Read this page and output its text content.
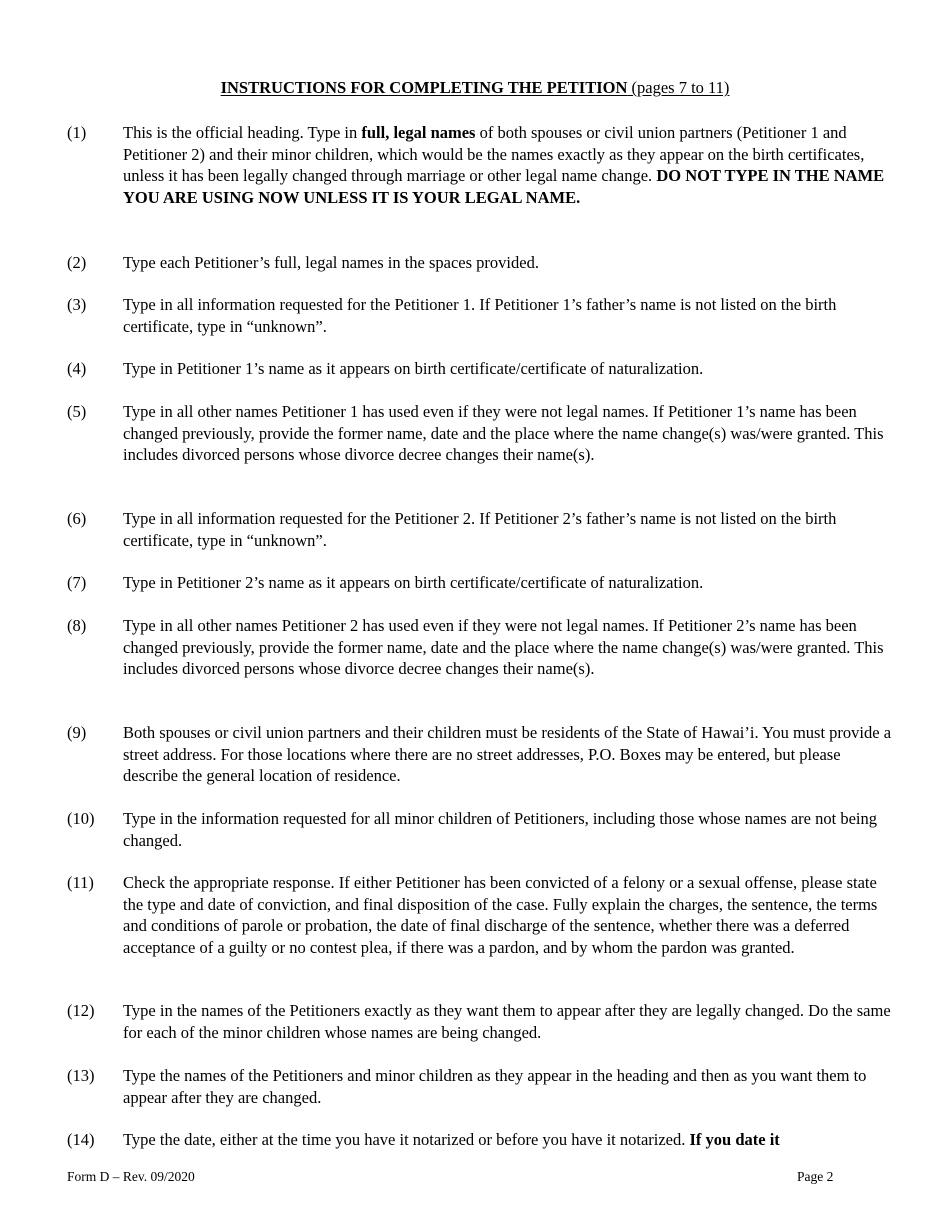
INSTRUCTIONS FOR COMPLETING THE PETITION (pages 7 to 11)
(1) This is the official heading. Type in full, legal names of both spouses or civil union partners (Petitioner 1 and Petitioner 2) and their minor children, which would be the names exactly as they appear on the birth certificates, unless it has been legally changed through marriage or other legal name change. DO NOT TYPE IN THE NAME YOU ARE USING NOW UNLESS IT IS YOUR LEGAL NAME.
(2) Type each Petitioner’s full, legal names in the spaces provided.
(3) Type in all information requested for the Petitioner 1. If Petitioner 1’s father’s name is not listed on the birth certificate, type in “unknown”.
(4) Type in Petitioner 1’s name as it appears on birth certificate/certificate of naturalization.
(5) Type in all other names Petitioner 1 has used even if they were not legal names. If Petitioner 1’s name has been changed previously, provide the former name, date and the place where the name change(s) was/were granted. This includes divorced persons whose divorce decree changes their name(s).
(6) Type in all information requested for the Petitioner 2. If Petitioner 2’s father’s name is not listed on the birth certificate, type in “unknown”.
(7) Type in Petitioner 2’s name as it appears on birth certificate/certificate of naturalization.
(8) Type in all other names Petitioner 2 has used even if they were not legal names. If Petitioner 2’s name has been changed previously, provide the former name, date and the place where the name change(s) was/were granted. This includes divorced persons whose divorce decree changes their name(s).
(9) Both spouses or civil union partners and their children must be residents of the State of Hawai’i. You must provide a street address. For those locations where there are no street addresses, P.O. Boxes may be entered, but please describe the general location of residence.
(10) Type in the information requested for all minor children of Petitioners, including those whose names are not being changed.
(11) Check the appropriate response. If either Petitioner has been convicted of a felony or a sexual offense, please state the type and date of conviction, and final disposition of the case. Fully explain the charges, the sentence, the terms and conditions of parole or probation, the date of final discharge of the sentence, whether there was a deferred acceptance of a guilty or no contest plea, if there was a pardon, and by whom the pardon was granted.
(12) Type in the names of the Petitioners exactly as they want them to appear after they are legally changed. Do the same for each of the minor children whose names are being changed.
(13) Type the names of the Petitioners and minor children as they appear in the heading and then as you want them to appear after they are changed.
(14) Type the date, either at the time you have it notarized or before you have it notarized. If you date it
Form D – Rev. 09/2020	Page 2
